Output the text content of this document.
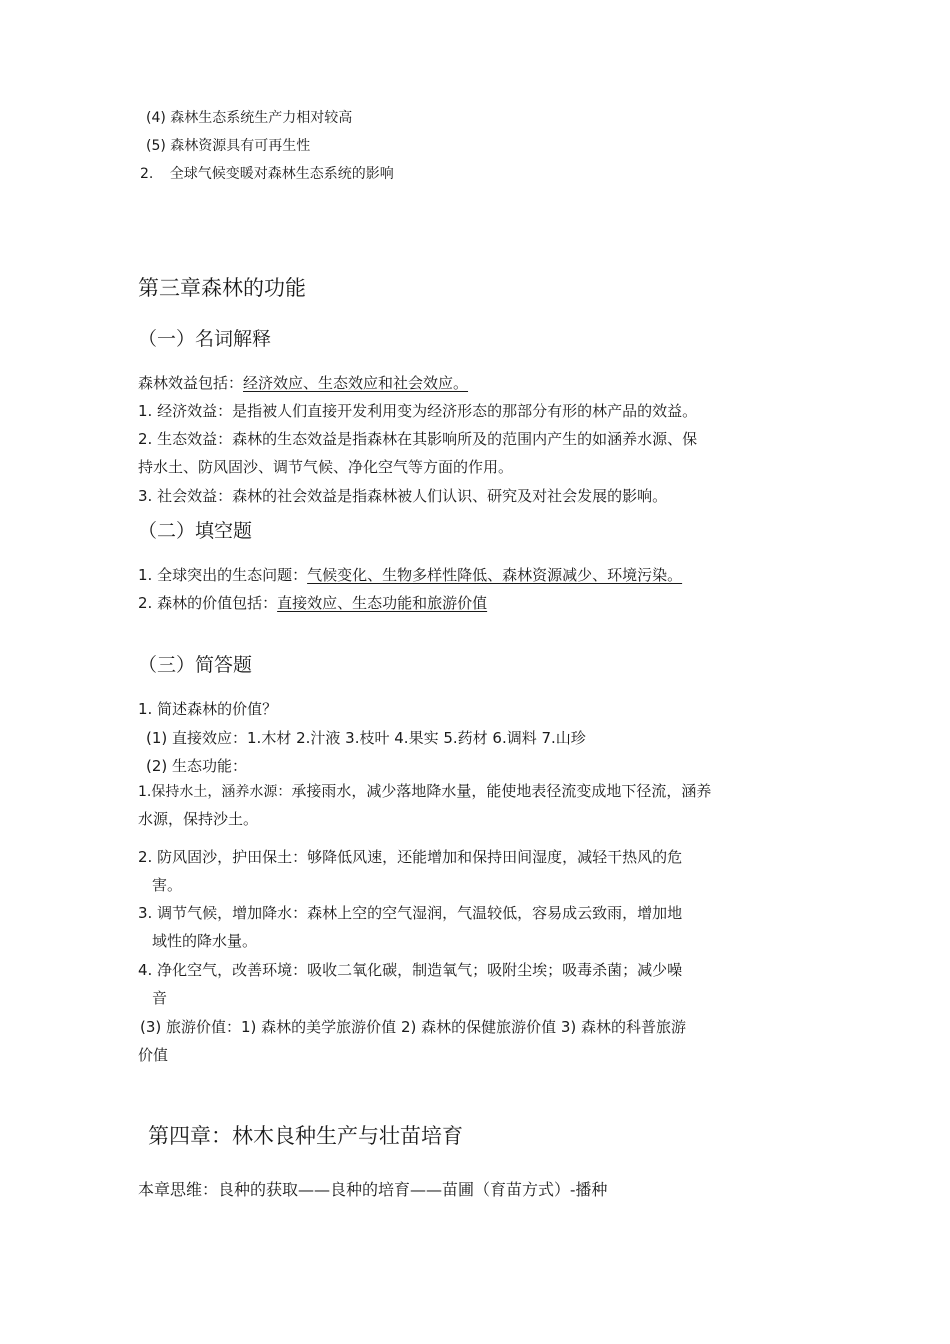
(4) 森林生态系统生产力相对较高
(5) 森林资源具有可再生性
2. 全球气候变暖对森林生态系统的影响
第三章森林的功能
（一）名词解释
森林效益包括：经济效应、生态效应和社会效应。
1. 经济效益：是指被人们直接开发利用变为经济形态的那部分有形的林产品的效益。
2. 生态效益：森林的生态效益是指森林在其影响所及的范围内产生的如涵养水源、保
持水土、防风固沙、调节气候、净化空气等方面的作用。
3. 社会效益：森林的社会效益是指森林被人们认识、研究及对社会发展的影响。
（二）填空题
1. 全球突出的生态问题：气候变化、生物多样性降低、森林资源减少、环境污染。
2. 森林的价值包括：直接效应、生态功能和旅游价值
（三）简答题
1. 简述森林的价值？
(1) 直接效应：1.木材 2.汁液 3.枝叶 4.果实 5.药材 6.调料 7.山珍
(2) 生态功能：
1.保持水土，涵养水源：承接雨水，减少落地降水量，能使地表径流变成地下径流，涵养
水源，保持沙土。
2. 防风固沙，护田保土：够降低风速，还能增加和保持田间湿度，减轻干热风的危
害。
3. 调节气候，增加降水：森林上空的空气湿润，气温较低，容易成云致雨，增加地
域性的降水量。
4. 净化空气，改善环境：吸收二氧化碳，制造氧气；吸附尘埃；吸毒杀菌；减少噪
音
(3) 旅游价值：1) 森林的美学旅游价值 2) 森林的保健旅游价值 3) 森林的科普旅游
价值
第四章：林木良种生产与壮苗培育
本章思维：良种的获取——良种的培育——苗圃（育苗方式）-播种
